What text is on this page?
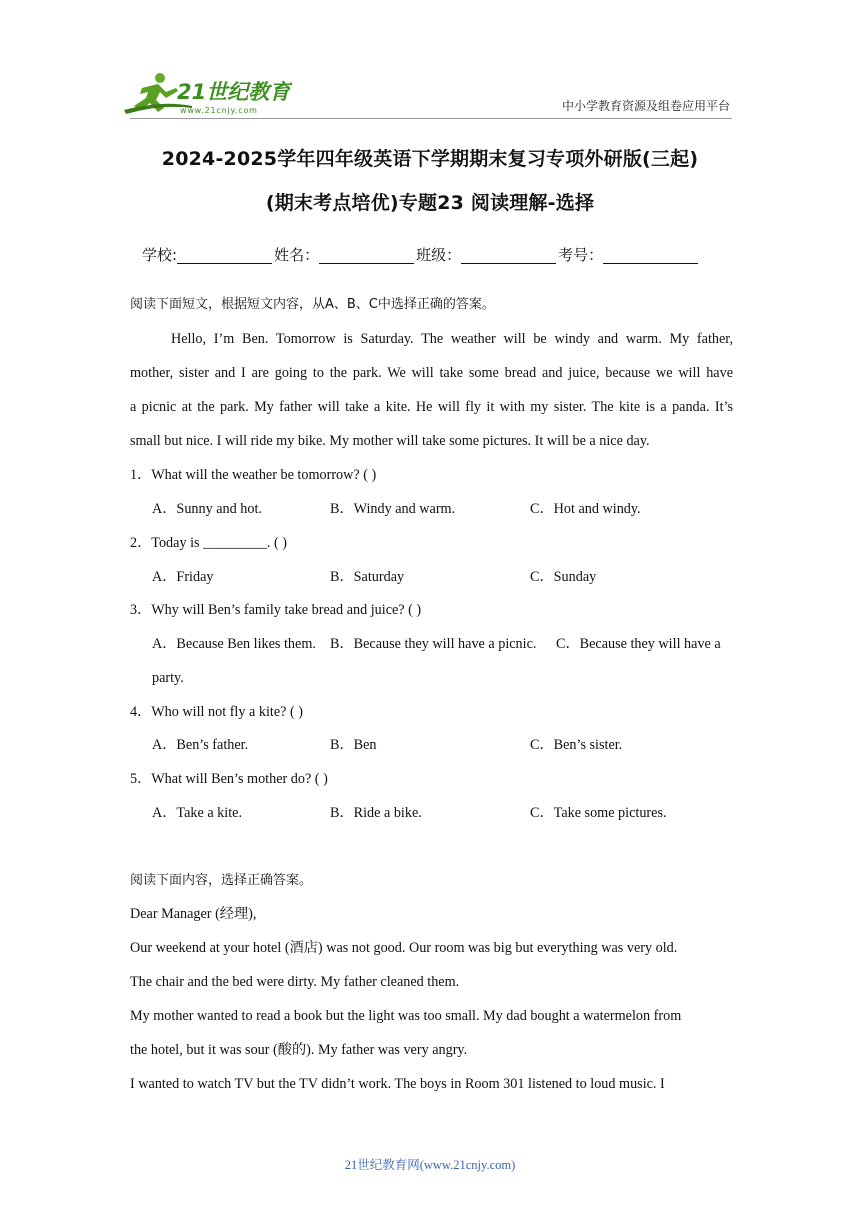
21世纪教育
www.21cnjy.com	中小学教育资源及组卷应用平台
2024-2025学年四年级英语下学期期末复习专项外研版(三起)
(期末考点培优)专题23 阅读理解-选择
学校:	姓名：	班级：	考号：
阅读下面短文，根据短文内容，从A、B、C中选择正确的答案。
Hello, I’m Ben. Tomorrow is Saturday. The weather will be windy and warm. My father,
mother, sister and I are going to the park. We will take some bread and juice, because we will have
a picnic at the park. My father will take a kite. He will fly it with my sister. The kite is a panda. It’s
small but nice. I will ride my bike. My mother will take some pictures. It will be a nice day.
1．What will the weather be tomorrow? ( )
A．Sunny and hot.	B．Windy and warm.	C．Hot and windy.
2．Today is _________. ( )
A．Friday	B．Saturday	C．Sunday
3．Why will Ben’s family take bread and juice? ( )
A．Because Ben likes them. B．Because they will have a picnic. C．Because they will have a
party.
4．Who will not fly a kite? ( )
A．Ben’s father.	B．Ben	C．Ben’s sister.
5．What will Ben’s mother do? ( )
A．Take a kite.	B．Ride a bike.	C．Take some pictures.
阅读下面内容，选择正确答案。
Dear Manager (经理),
Our weekend at your hotel (酒店) was not good. Our room was big but everything was very old.
The chair and the bed were dirty. My father cleaned them.
My mother wanted to read a book but the light was too small. My dad bought a watermelon from
the hotel, but it was sour (酸的). My father was very angry.
I wanted to watch TV but the TV didn’t work. The boys in Room 301 listened to loud music. I
21世纪教育网(www.21cnjy.com)
